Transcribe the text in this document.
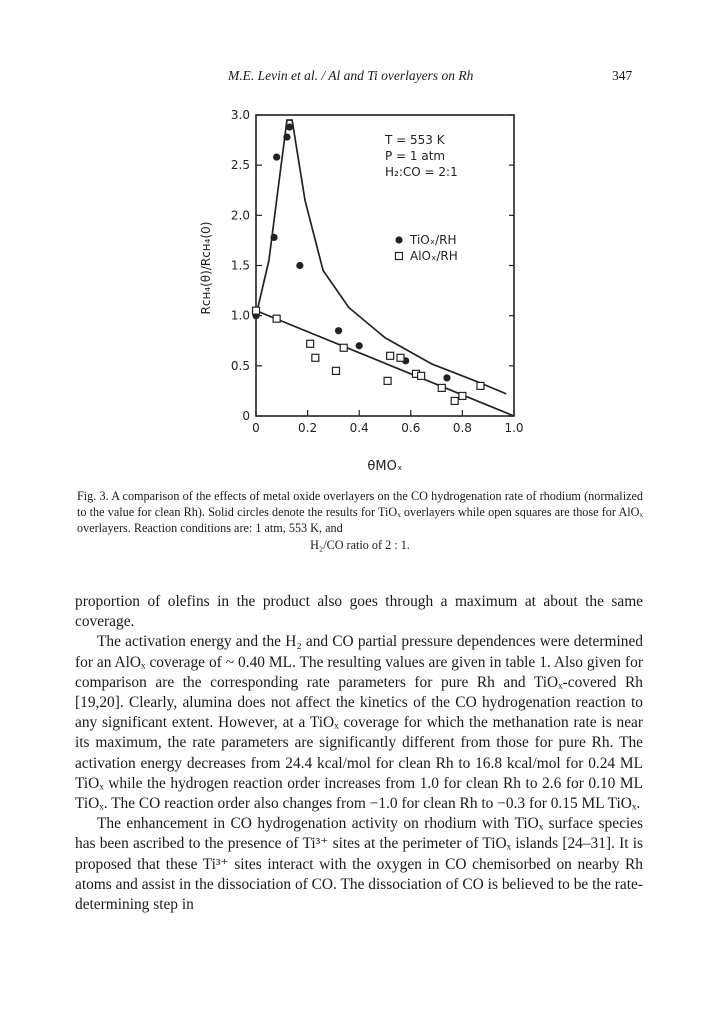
M.E. Levin et al. / Al and Ti overlayers on Rh	347
0	0.2	0.4	0.6	0.8	1.0
0
0.5
1.0
1.5
2.0
2.5
3.0
T = 553 K
P = 1 atm
H₂:CO = 2:1
TiOₓ/RH
AlOₓ/RH
Rᴄʜ₄(θ)/Rᴄʜ₄(0)
θMOₓ
Fig. 3. A comparison of the effects of metal oxide overlayers on the CO hydrogenation rate of rhodium (normalized to the value for clean Rh). Solid circles denote the results for TiOₓ overlayers while open squares are those for AlOₓ overlayers. Reaction conditions are: 1 atm, 553 K, and
H₂/CO ratio of 2 : 1.

proportion of olefins in the product also goes through a maximum at about the same coverage.

The activation energy and the H₂ and CO partial pressure dependences were determined for an AlOₓ coverage of ~ 0.40 ML. The resulting values are given in table 1. Also given for comparison are the corresponding rate parameters for pure Rh and TiOₓ-covered Rh [19,20]. Clearly, alumina does not affect the kinetics of the CO hydrogenation reaction to any significant extent. However, at a TiOₓ coverage for which the methanation rate is near its maximum, the rate parameters are significantly different from those for pure Rh. The activation energy decreases from 24.4 kcal/mol for clean Rh to 16.8 kcal/mol for 0.24 ML TiOₓ while the hydrogen reaction order increases from 1.0 for clean Rh to 2.6 for 0.10 ML TiOₓ. The CO reaction order also changes from −1.0 for clean Rh to −0.3 for 0.15 ML TiOₓ.

The enhancement in CO hydrogenation activity on rhodium with TiOₓ surface species has been ascribed to the presence of Ti³⁺ sites at the perimeter of TiOₓ islands [24–31]. It is proposed that these Ti³⁺ sites interact with the oxygen in CO chemisorbed on nearby Rh atoms and assist in the dissociation of CO. The dissociation of CO is believed to be the rate-determining step in
